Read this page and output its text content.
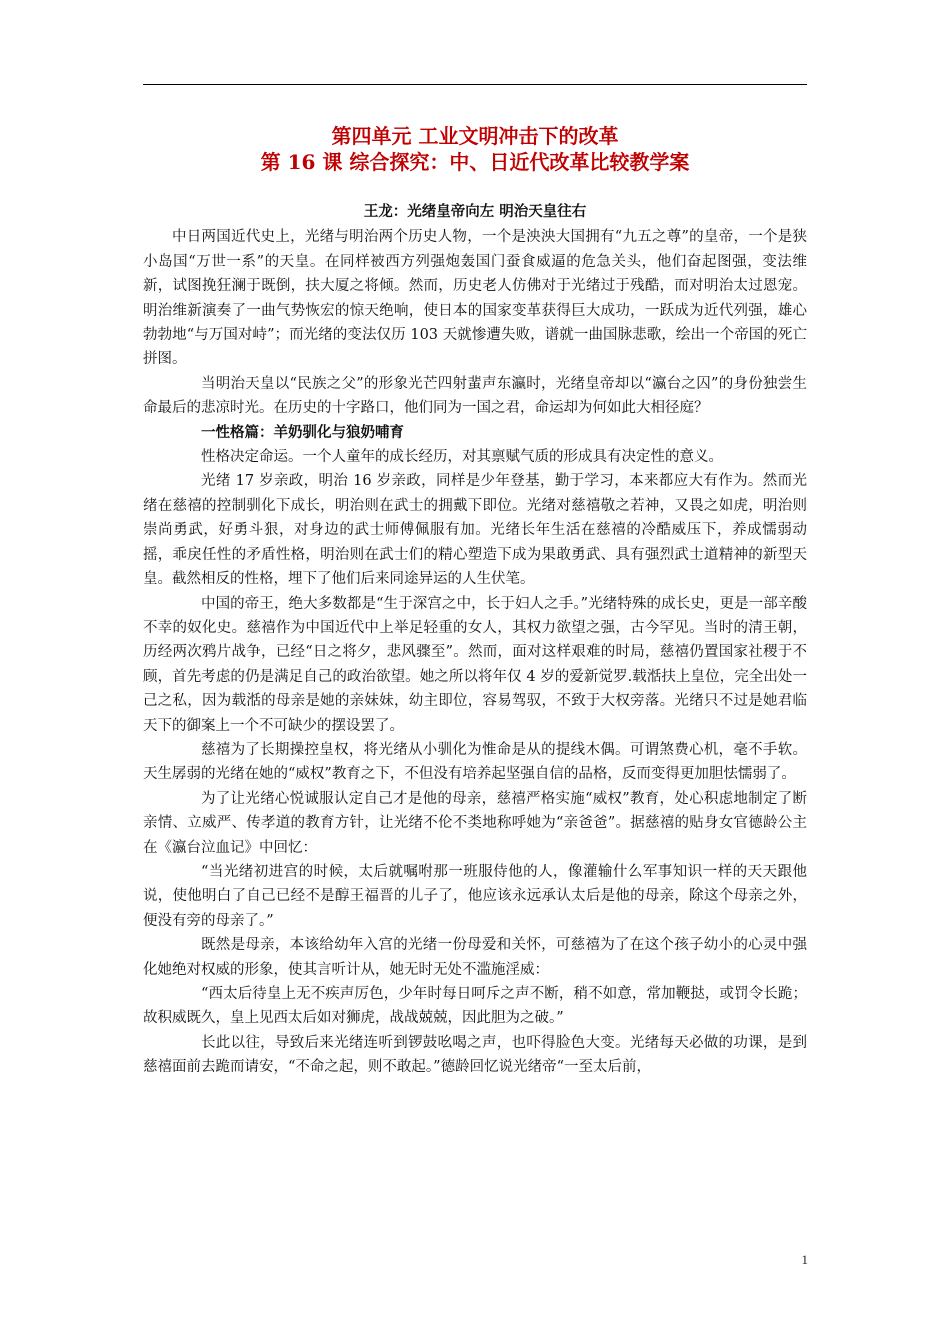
第四单元 工业文明冲击下的改革
第 16 课 综合探究：中、日近代改革比较教学案

王龙：光绪皇帝向左 明治天皇往右

中日两国近代史上，光绪与明治两个历史人物，一个是泱泱大国拥有“九五之尊”的皇帝，一个是狭小岛国“万世一系”的天皇。在同样被西方列强炮轰国门蚕食威逼的危急关头，他们奋起图强，变法维新，试图挽狂澜于既倒，扶大厦之将倾。然而，历史老人仿佛对于光绪过于残酷，而对明治太过恩宠。明治维新演奏了一曲气势恢宏的惊天绝响，使日本的国家变革获得巨大成功，一跃成为近代列强，雄心勃勃地“与万国对峙”；而光绪的变法仅历 103 天就惨遭失败，谱就一曲国脉悲歌，绘出一个帝国的死亡拼图。

当明治天皇以“民族之父”的形象光芒四射蜚声东瀛时，光绪皇帝却以“瀛台之囚”的身份独尝生命最后的悲凉时光。在历史的十字路口，他们同为一国之君，命运却为何如此大相径庭？

一性格篇：羊奶驯化与狼奶哺育

性格决定命运。一个人童年的成长经历，对其禀赋气质的形成具有决定性的意义。

光绪 17 岁亲政，明治 16 岁亲政，同样是少年登基，勤于学习，本来都应大有作为。然而光绪在慈禧的控制驯化下成长，明治则在武士的拥戴下即位。光绪对慈禧敬之若神，又畏之如虎，明治则崇尚勇武，好勇斗狠，对身边的武士师傅佩服有加。光绪长年生活在慈禧的冷酷威压下，养成懦弱动摇，乖戾任性的矛盾性格，明治则在武士们的精心塑造下成为果敢勇武、具有强烈武士道精神的新型天皇。截然相反的性格，埋下了他们后来同途异运的人生伏笔。

中国的帝王，绝大多数都是“生于深宫之中，长于妇人之手。”光绪特殊的成长史，更是一部辛酸不幸的奴化史。慈禧作为中国近代中上举足轻重的女人，其权力欲望之强，古今罕见。当时的清王朝，历经两次鸦片战争，已经“日之将夕，悲风骤至”。然而，面对这样艰难的时局，慈禧仍置国家社稷于不顾，首先考虑的仍是满足自己的政治欲望。她之所以将年仅 4 岁的爱新觉罗.载湉扶上皇位，完全出处一己之私，因为载湉的母亲是她的亲妹妹，幼主即位，容易驾驭，不致于大权旁落。光绪只不过是她君临天下的御案上一个不可缺少的摆设罢了。

慈禧为了长期操控皇权，将光绪从小驯化为惟命是从的提线木偶。可谓煞费心机，毫不手软。天生孱弱的光绪在她的“威权”教育之下，不但没有培养起坚强自信的品格，反而变得更加胆怯懦弱了。

为了让光绪心悦诚服认定自己才是他的母亲，慈禧严格实施“威权”教育，处心积虑地制定了断亲情、立威严、传孝道的教育方针，让光绪不伦不类地称呼她为“亲爸爸”。据慈禧的贴身女官德龄公主在《瀛台泣血记》中回忆：

“当光绪初进宫的时候，太后就嘱咐那一班服侍他的人，像灌输什么军事知识一样的天天跟他说，使他明白了自己已经不是醇王福晋的儿子了，他应该永远承认太后是他的母亲，除这个母亲之外，便没有旁的母亲了。”

既然是母亲，本该给幼年入宫的光绪一份母爱和关怀，可慈禧为了在这个孩子幼小的心灵中强化她绝对权威的形象，使其言听计从，她无时无处不滥施淫威：

“西太后待皇上无不疾声厉色，少年时每日呵斥之声不断，稍不如意，常加鞭挞，或罚令长跪；故积威既久，皇上见西太后如对狮虎，战战兢兢，因此胆为之破。”

长此以往，导致后来光绪连听到锣鼓吆喝之声，也吓得脸色大变。光绪每天必做的功课，是到慈禧面前去跪而请安，“不命之起，则不敢起。”德龄回忆说光绪帝“一至太后前，

1
